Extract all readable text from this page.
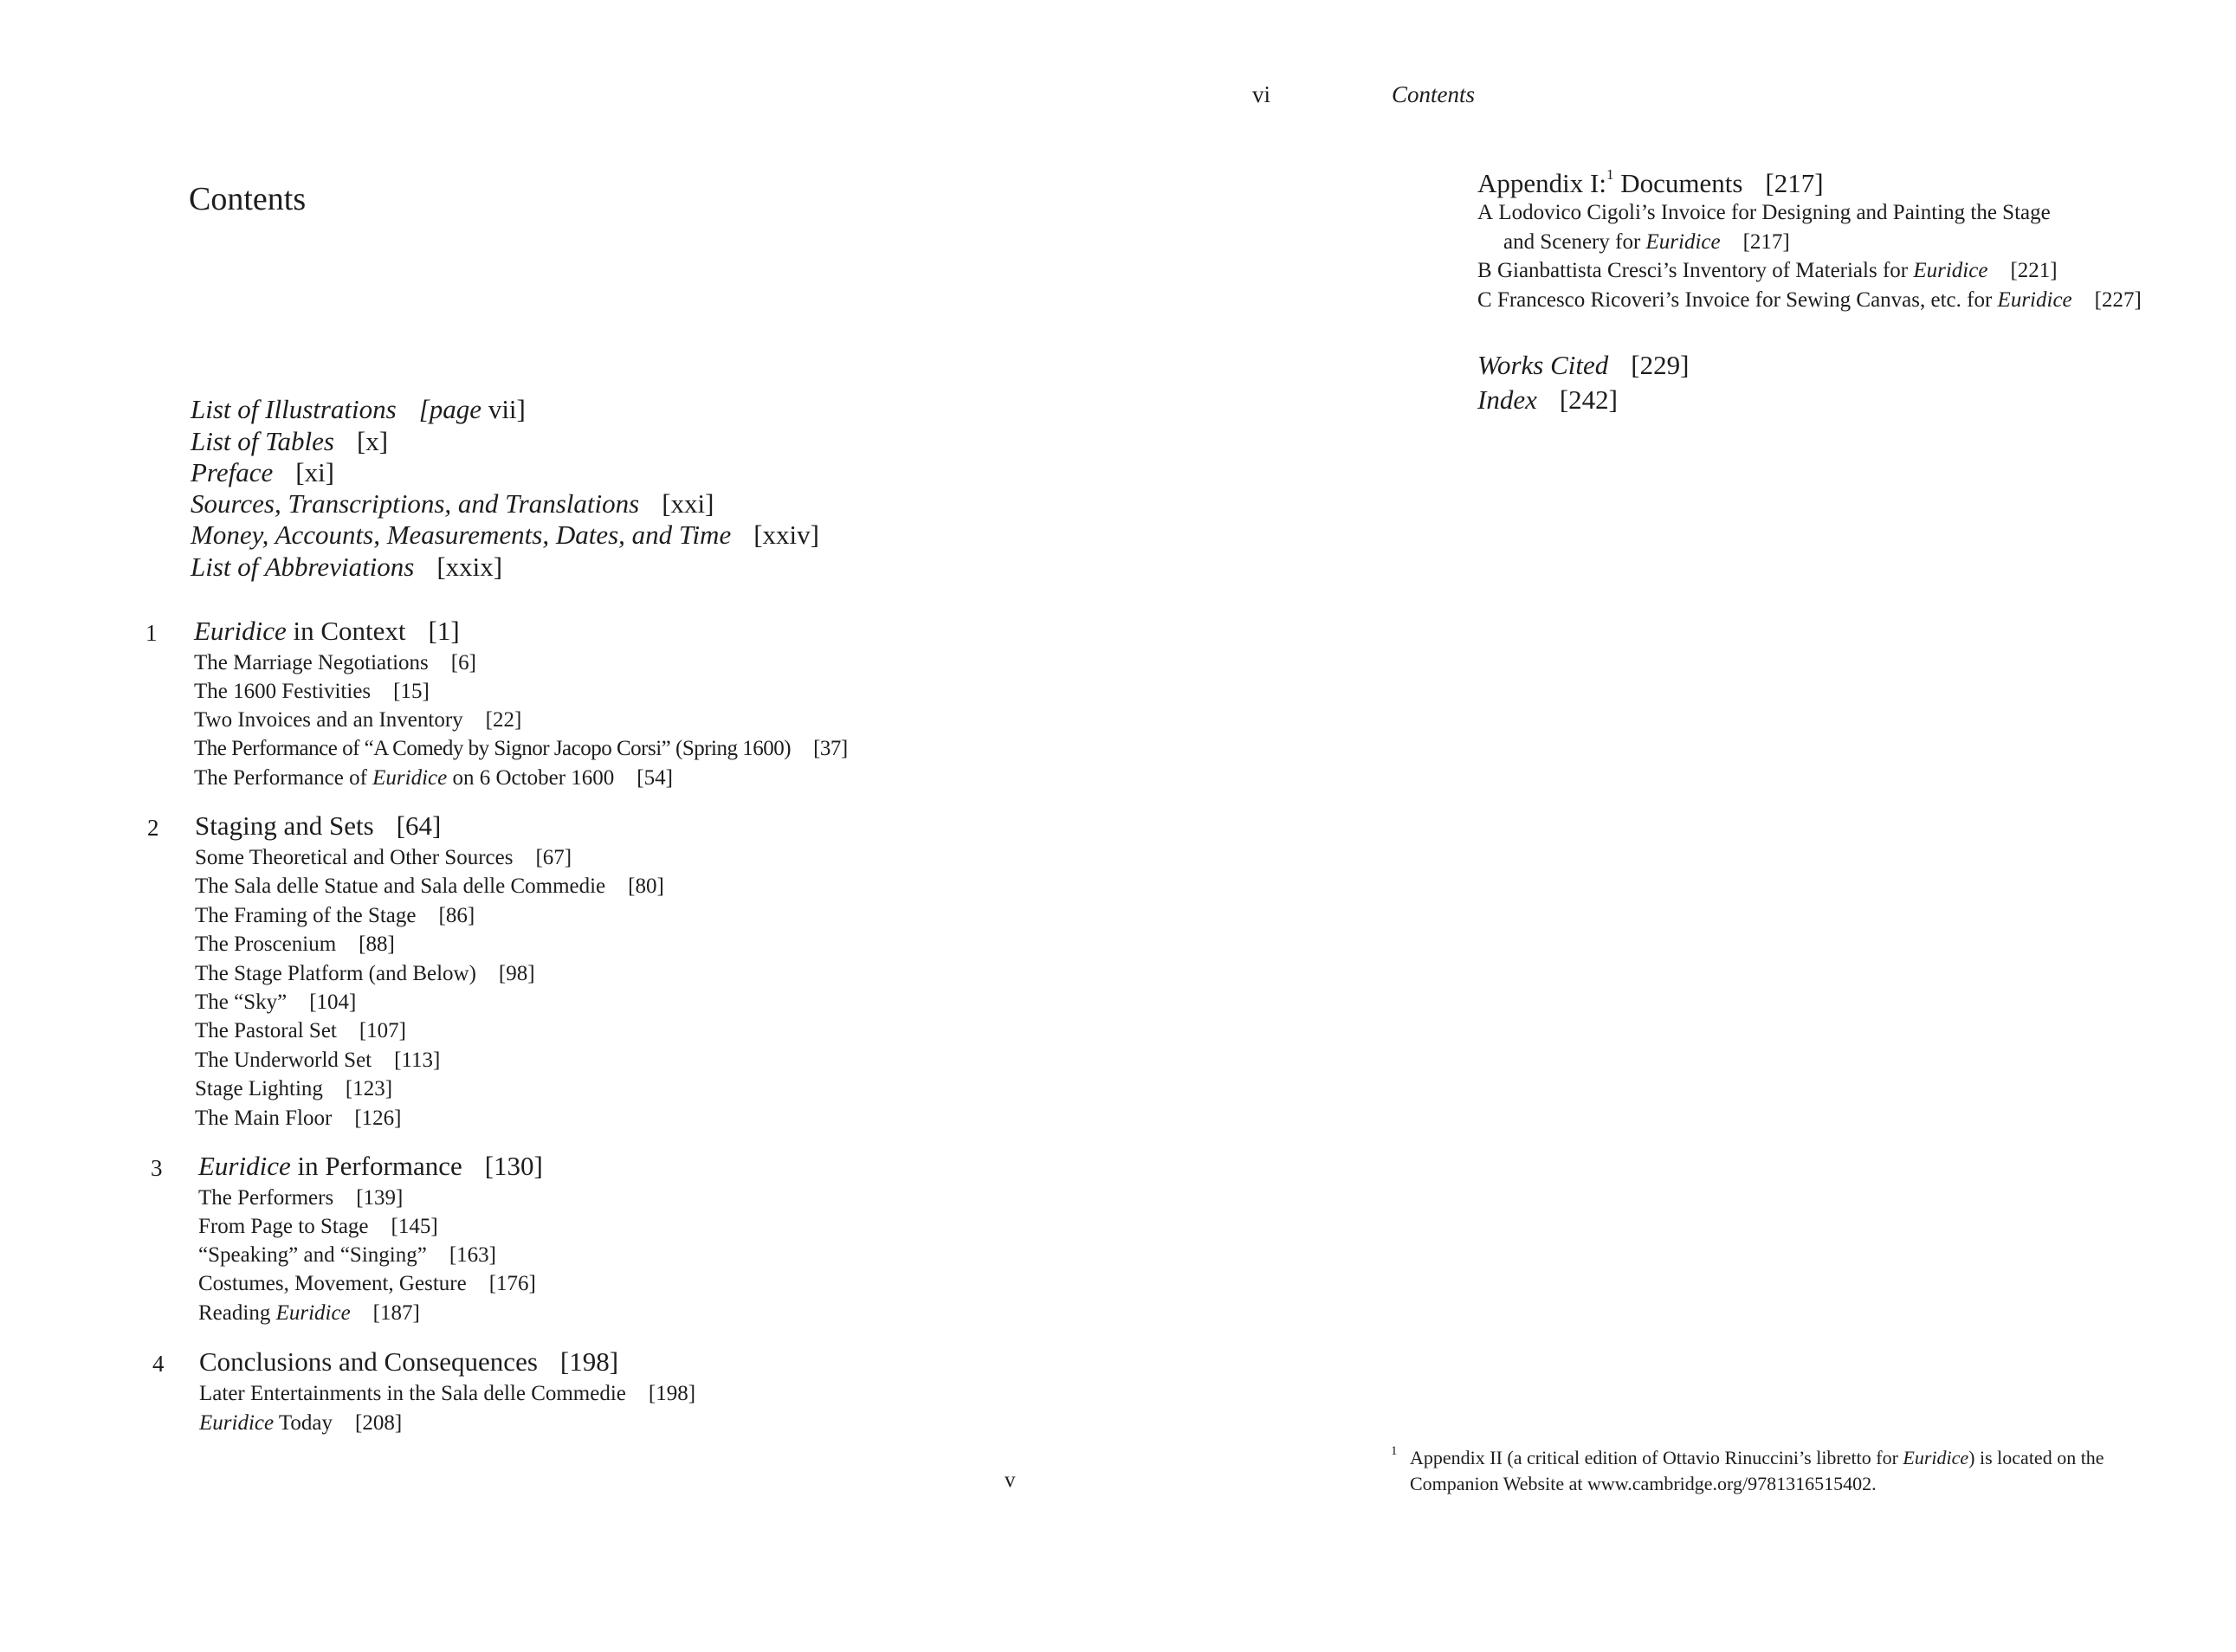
Contents
List of Illustrations [page vii]
List of Tables [x]
Preface [xi]
Sources, Transcriptions, and Translations [xxi]
Money, Accounts, Measurements, Dates, and Time [xxiv]
List of Abbreviations [xxix]
1 Euridice in Context [1]
The Marriage Negotiations [6]
The 1600 Festivities [15]
Two Invoices and an Inventory [22]
The Performance of “A Comedy by Signor Jacopo Corsi” (Spring 1600) [37]
The Performance of Euridice on 6 October 1600 [54]
2 Staging and Sets [64]
Some Theoretical and Other Sources [67]
The Sala delle Statue and Sala delle Commedie [80]
The Framing of the Stage [86]
The Proscenium [88]
The Stage Platform (and Below) [98]
The “Sky” [104]
The Pastoral Set [107]
The Underworld Set [113]
Stage Lighting [123]
The Main Floor [126]
3 Euridice in Performance [130]
The Performers [139]
From Page to Stage [145]
“Speaking” and “Singing” [163]
Costumes, Movement, Gesture [176]
Reading Euridice [187]
4 Conclusions and Consequences [198]
Later Entertainments in the Sala delle Commedie [198]
Euridice Today [208]
v
vi	Contents
Appendix I:$^1$ Documents [217]
A Lodovico Cigoli’s Invoice for Designing and Painting the Stage
and Scenery for Euridice [217]
B Gianbattista Cresci’s Inventory of Materials for Euridice [221]
C Francesco Ricoveri’s Invoice for Sewing Canvas, etc. for Euridice [227]
Works Cited [229]
Index [242]
1 Appendix II (a critical edition of Ottavio Rinuccini’s libretto for Euridice) is located on the
Companion Website at www.cambridge.org/9781316515402.
